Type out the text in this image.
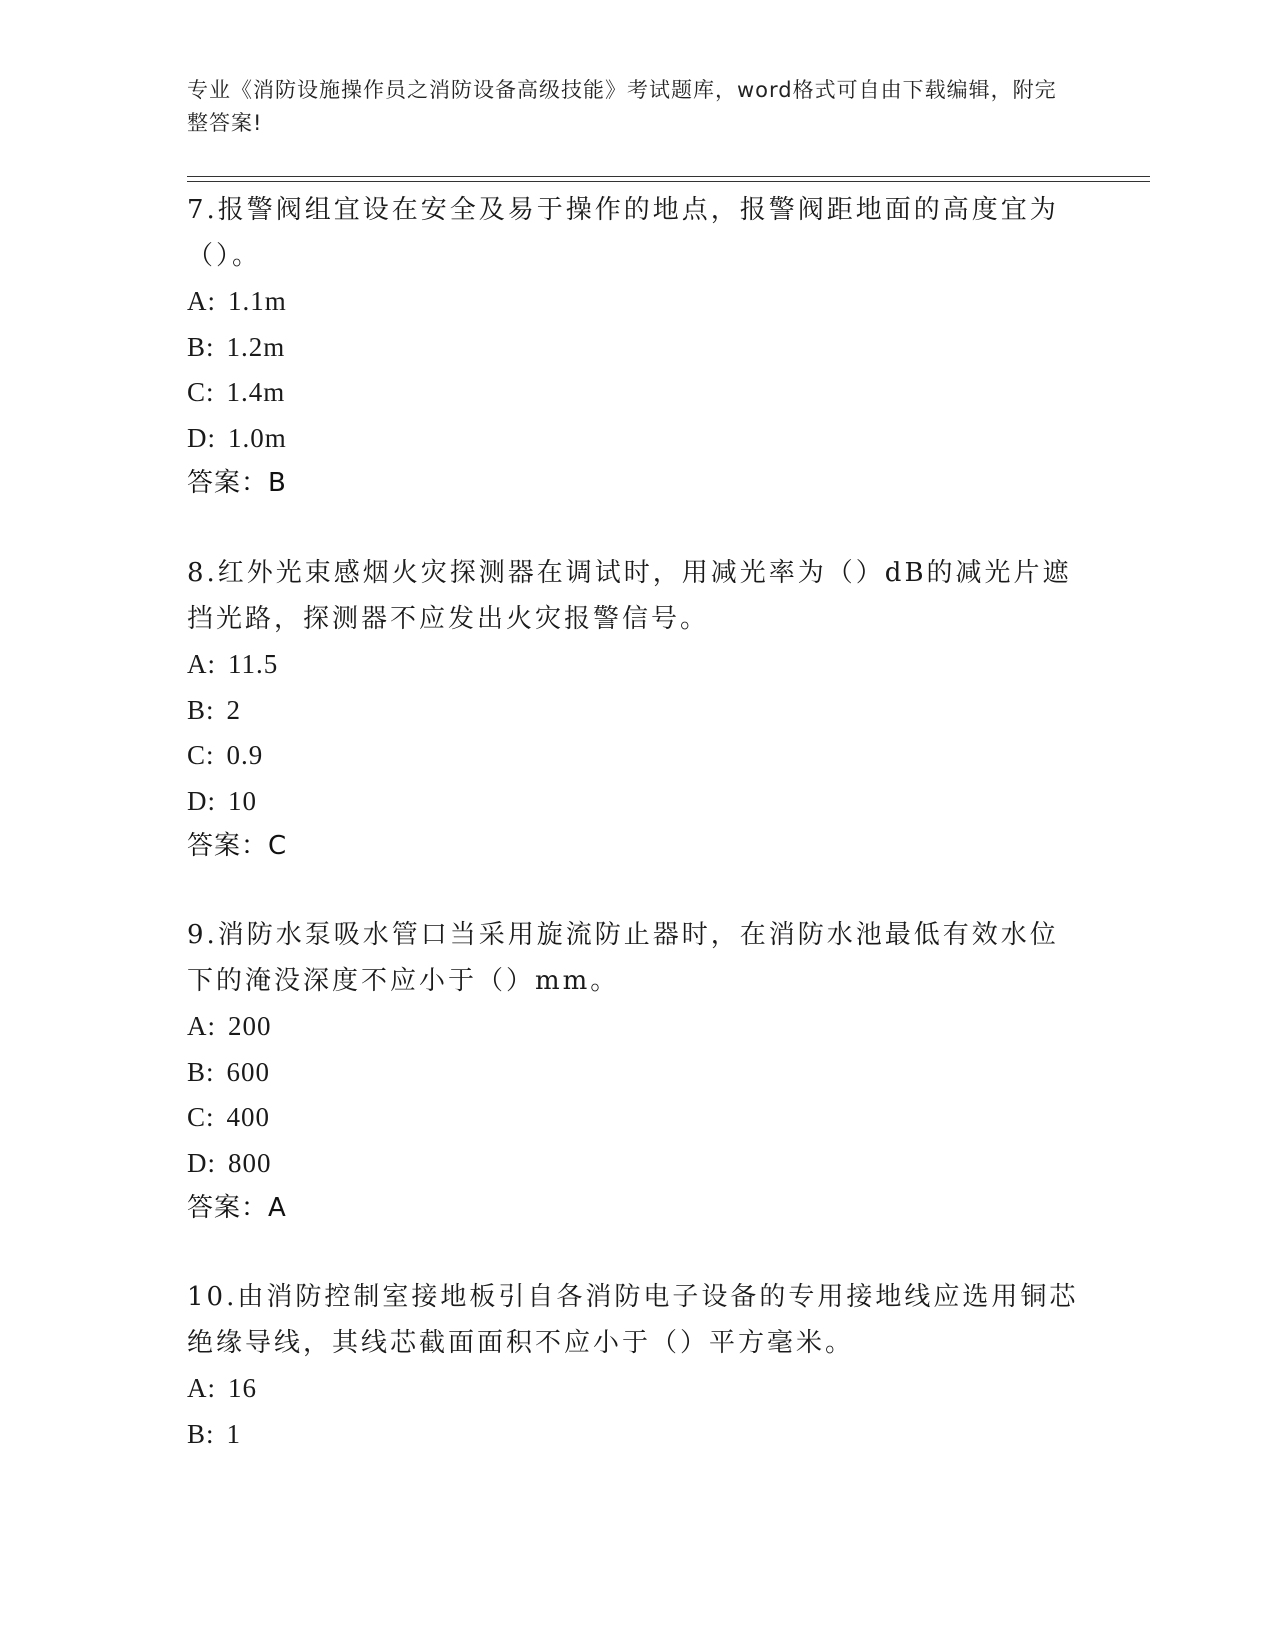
专业《消防设施操作员之消防设备高级技能》考试题库，word格式可自由下载编辑，附完整答案!

7.报警阀组宜设在安全及易于操作的地点，报警阀距地面的高度宜为（）。

A: 1.1m
B: 1.2m
C: 1.4m
D: 1.0m
答案：B

8.红外光束感烟火灾探测器在调试时，用减光率为（）dB的减光片遮挡光路，探测器不应发出火灾报警信号。

A: 11.5
B: 2
C: 0.9
D: 10
答案：C

9.消防水泵吸水管口当采用旋流防止器时，在消防水池最低有效水位下的淹没深度不应小于（）mm。

A: 200
B: 600
C: 400
D: 800
答案：A

10.由消防控制室接地板引自各消防电子设备的专用接地线应选用铜芯绝缘导线，其线芯截面面积不应小于（）平方毫米。

A: 16
B: 1
